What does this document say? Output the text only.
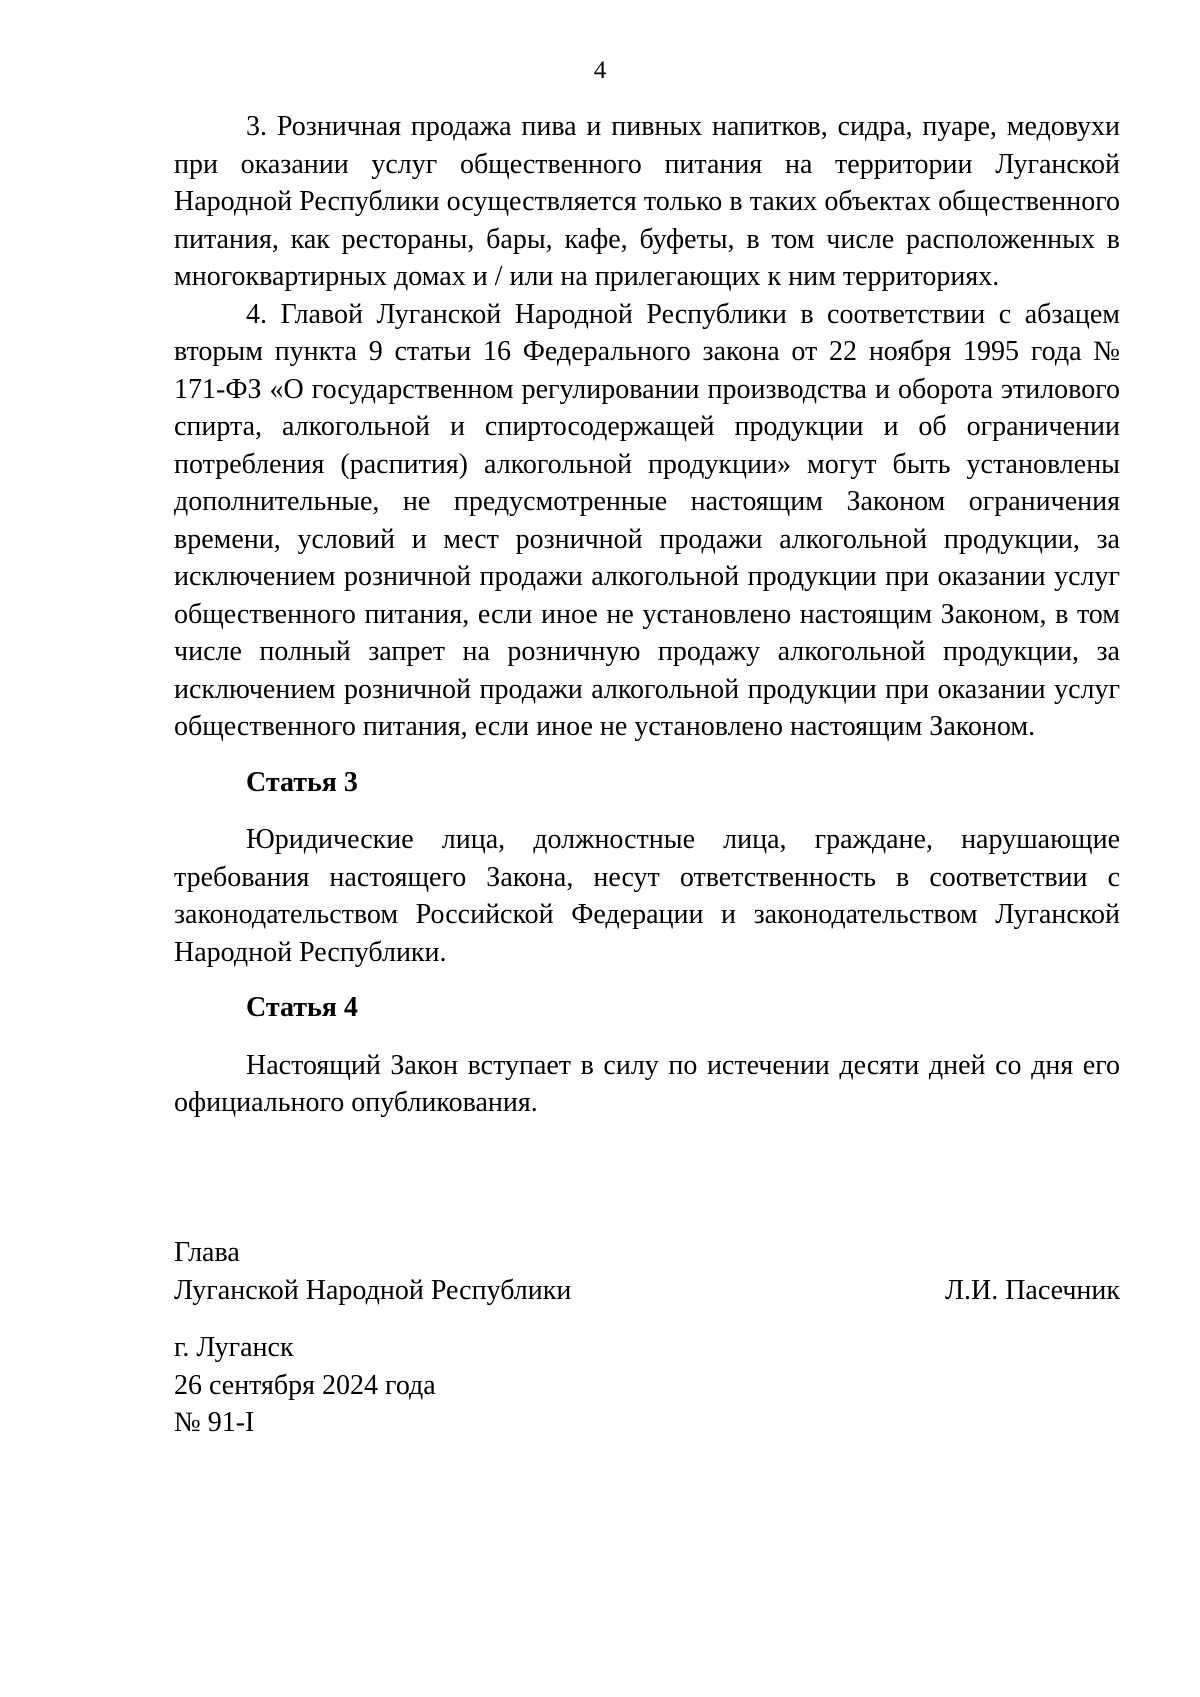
4

3. Розничная продажа пива и пивных напитков, сидра, пуаре, медовухи при оказании услуг общественного питания на территории Луганской Народной Республики осуществляется только в таких объектах общественного питания, как рестораны, бары, кафе, буфеты, в том числе расположенных в многоквартирных домах и / или на прилегающих к ним территориях.

4. Главой Луганской Народной Республики в соответствии с абзацем вторым пункта 9 статьи 16 Федерального закона от 22 ноября 1995 года № 171-ФЗ «О государственном регулировании производства и оборота этилового спирта, алкогольной и спиртосодержащей продукции и об ограничении потребления (распития) алкогольной продукции» могут быть установлены дополнительные, не предусмотренные настоящим Законом ограничения времени, условий и мест розничной продажи алкогольной продукции, за исключением розничной продажи алкогольной продукции при оказании услуг общественного питания, если иное не установлено настоящим Законом, в том числе полный запрет на розничную продажу алкогольной продукции, за исключением розничной продажи алкогольной продукции при оказании услуг общественного питания, если иное не установлено настоящим Законом.

Статья 3

Юридические лица, должностные лица, граждане, нарушающие требования настоящего Закона, несут ответственность в соответствии с законодательством Российской Федерации и законодательством Луганской Народной Республики.

Статья 4

Настоящий Закон вступает в силу по истечении десяти дней со дня его официального опубликования.

Глава
Луганской Народной Республики	Л.И. Пасечник
г. Луганск
26 сентября 2024 года
№ 91-I
